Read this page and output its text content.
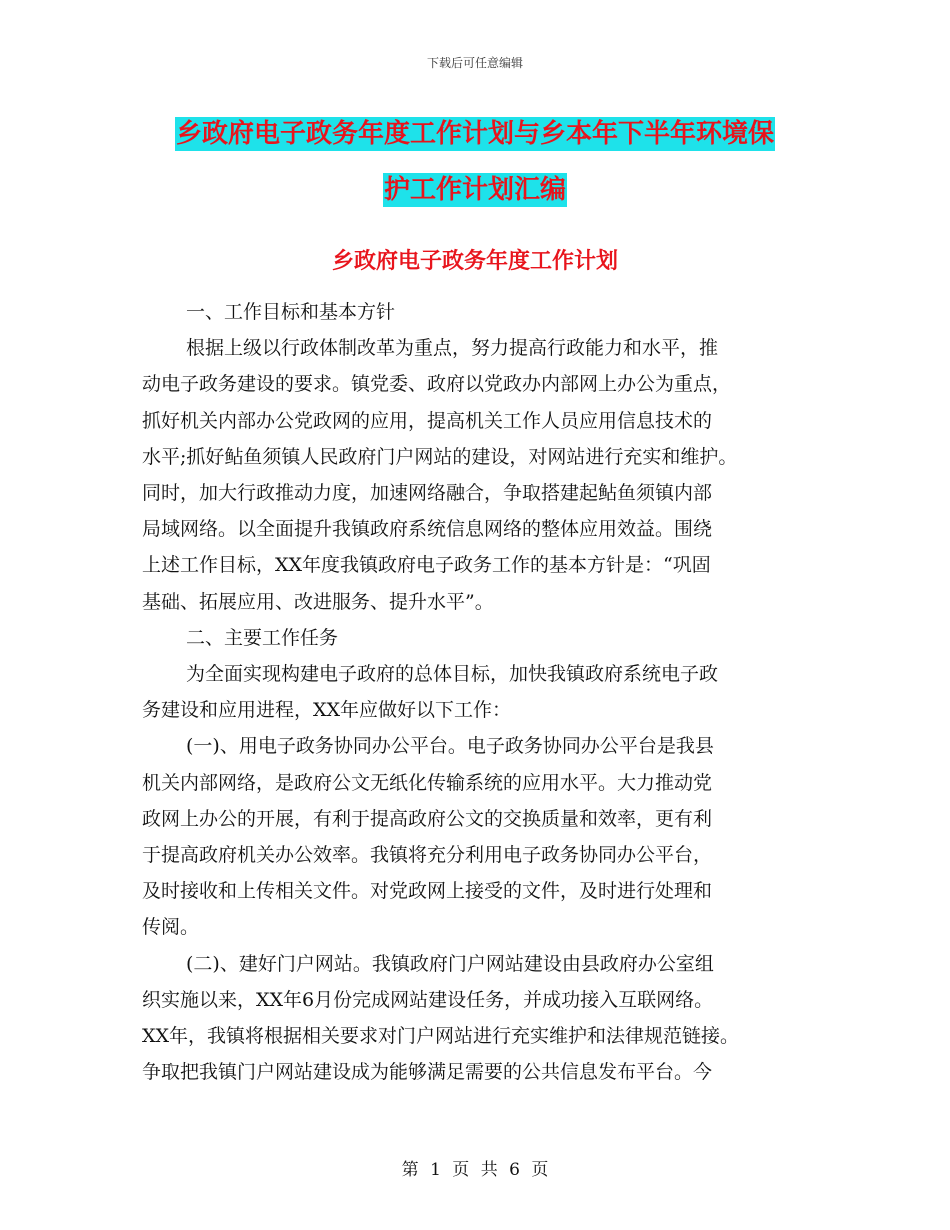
下载后可任意编辑
乡政府电子政务年度工作计划与乡本年下半年环境保
护工作计划汇编
乡政府电子政务年度工作计划

一、工作目标和基本方针

根据上级以行政体制改革为重点，努力提高行政能力和水平，推

动电子政务建设的要求。镇党委、政府以党政办内部网上办公为重点，

抓好机关内部办公党政网的应用，提高机关工作人员应用信息技术的

水平;抓好鲇鱼须镇人民政府门户网站的建设，对网站进行充实和维护。

同时，加大行政推动力度，加速网络融合，争取搭建起鲇鱼须镇内部

局域网络。以全面提升我镇政府系统信息网络的整体应用效益。围绕

上述工作目标，XX年度我镇政府电子政务工作的基本方针是：“巩固

基础、拓展应用、改进服务、提升水平”。

二、主要工作任务

为全面实现构建电子政府的总体目标，加快我镇政府系统电子政

务建设和应用进程，XX年应做好以下工作：

(一)、用电子政务协同办公平台。电子政务协同办公平台是我县

机关内部网络，是政府公文无纸化传输系统的应用水平。大力推动党

政网上办公的开展，有利于提高政府公文的交换质量和效率，更有利

于提高政府机关办公效率。我镇将充分利用电子政务协同办公平台，

及时接收和上传相关文件。对党政网上接受的文件，及时进行处理和

传阅。

(二)、建好门户网站。我镇政府门户网站建设由县政府办公室组

织实施以来，XX年6月份完成网站建设任务，并成功接入互联网络。

XX年，我镇将根据相关要求对门户网站进行充实维护和法律规范链接。

争取把我镇门户网站建设成为能够满足需要的公共信息发布平台。今

第 1 页 共 6 页
